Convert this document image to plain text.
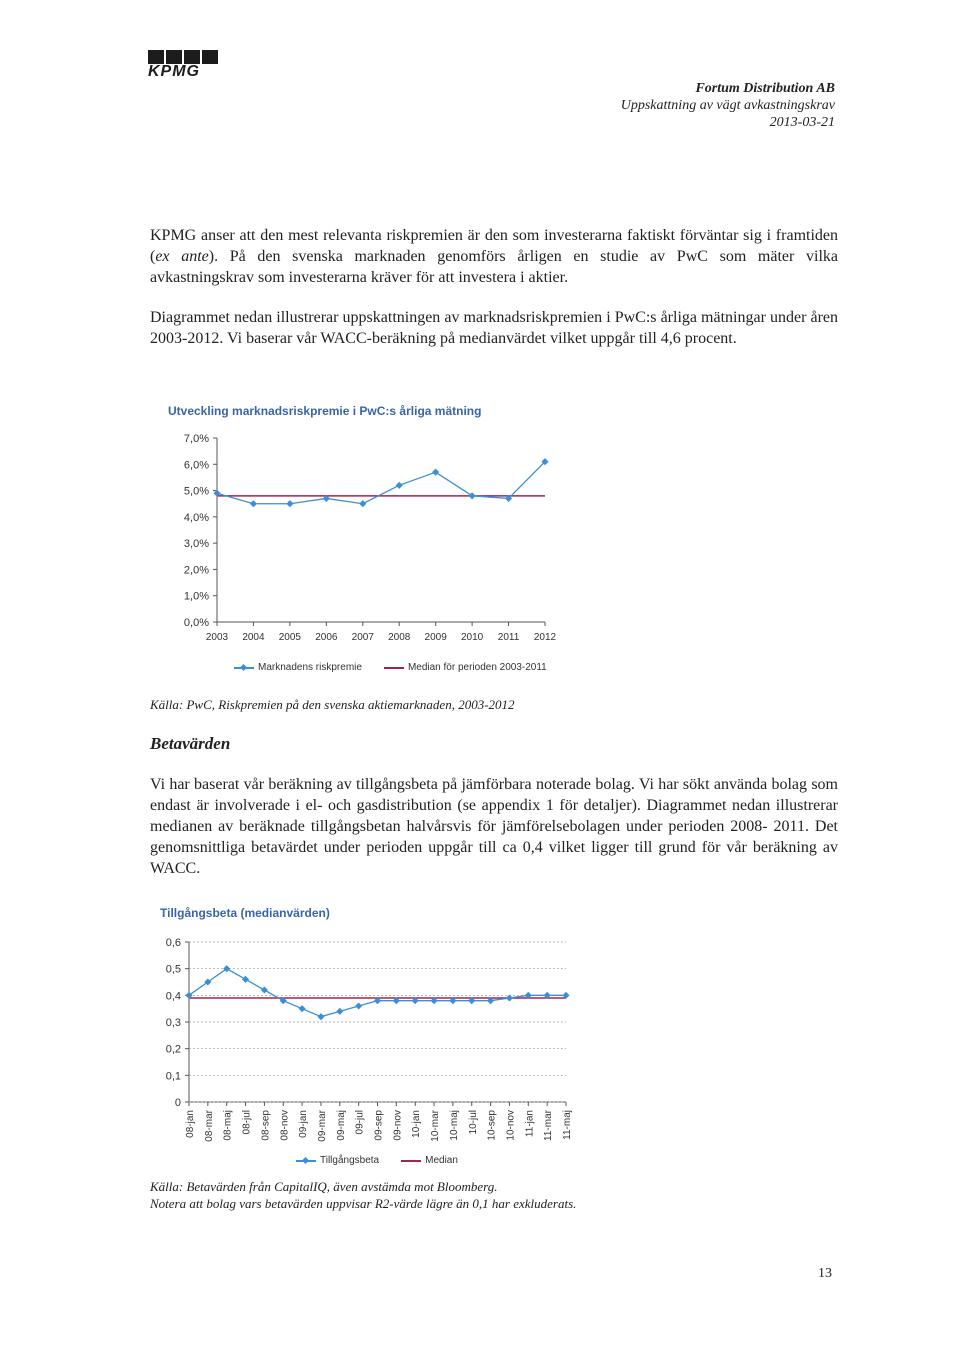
KPMG
Fortum Distribution AB
Uppskattning av vägt avkastningskrav
2013-03-21

KPMG anser att den mest relevanta riskpremien är den som investerarna faktiskt förväntar sig i framtiden (ex ante). På den svenska marknaden genomförs årligen en studie av PwC som mäter vilka avkastningskrav som investerarna kräver för att investera i aktier.

Diagrammet nedan illustrerar uppskattningen av marknadsriskpremien i PwC:s årliga mätningar under åren 2003-2012. Vi baserar vår WACC-beräkning på medianvärdet vilket uppgår till 4,6 procent.

Utveckling marknadsriskpremie i PwC:s årliga mätning
0,0%
1,0%
2,0%
3,0%
4,0%
5,0%
6,0%
7,0%
2003 2004 2005 2006 2007 2008 2009 2010 2011 2012
Marknadens riskpremie	Median för perioden 2003-2011

Källa: PwC, Riskpremien på den svenska aktiemarknaden, 2003-2012

Betavärden

Vi har baserat vår beräkning av tillgångsbeta på jämförbara noterade bolag. Vi har sökt använda bolag som endast är involverade i el- och gasdistribution (se appendix 1 för detaljer). Diagrammet nedan illustrerar medianen av beräknade tillgångsbetan halvårsvis för jämförelsebolagen under perioden 2008- 2011. Det genomsnittliga betavärdet under perioden uppgår till ca 0,4 vilket ligger till grund för vår beräkning av WACC.

Tillgångsbeta (medianvärden)
0
0,1
0,2
0,3
0,4
0,5
0,6
08-jan 08-mar 08-maj 08-jul 08-sep 08-nov 09-jan 09-mar 09-maj 09-jul 09-sep 09-nov 10-jan 10-mar 10-maj 10-jul 10-sep 10-nov 11-jan 11-mar 11-maj
Tillgångsbeta	Median

Källa: Betavärden från CapitalIQ, även avstämda mot Bloomberg.
Notera att bolag vars betavärden uppvisar R2-värde lägre än 0,1 har exkluderats.

13
